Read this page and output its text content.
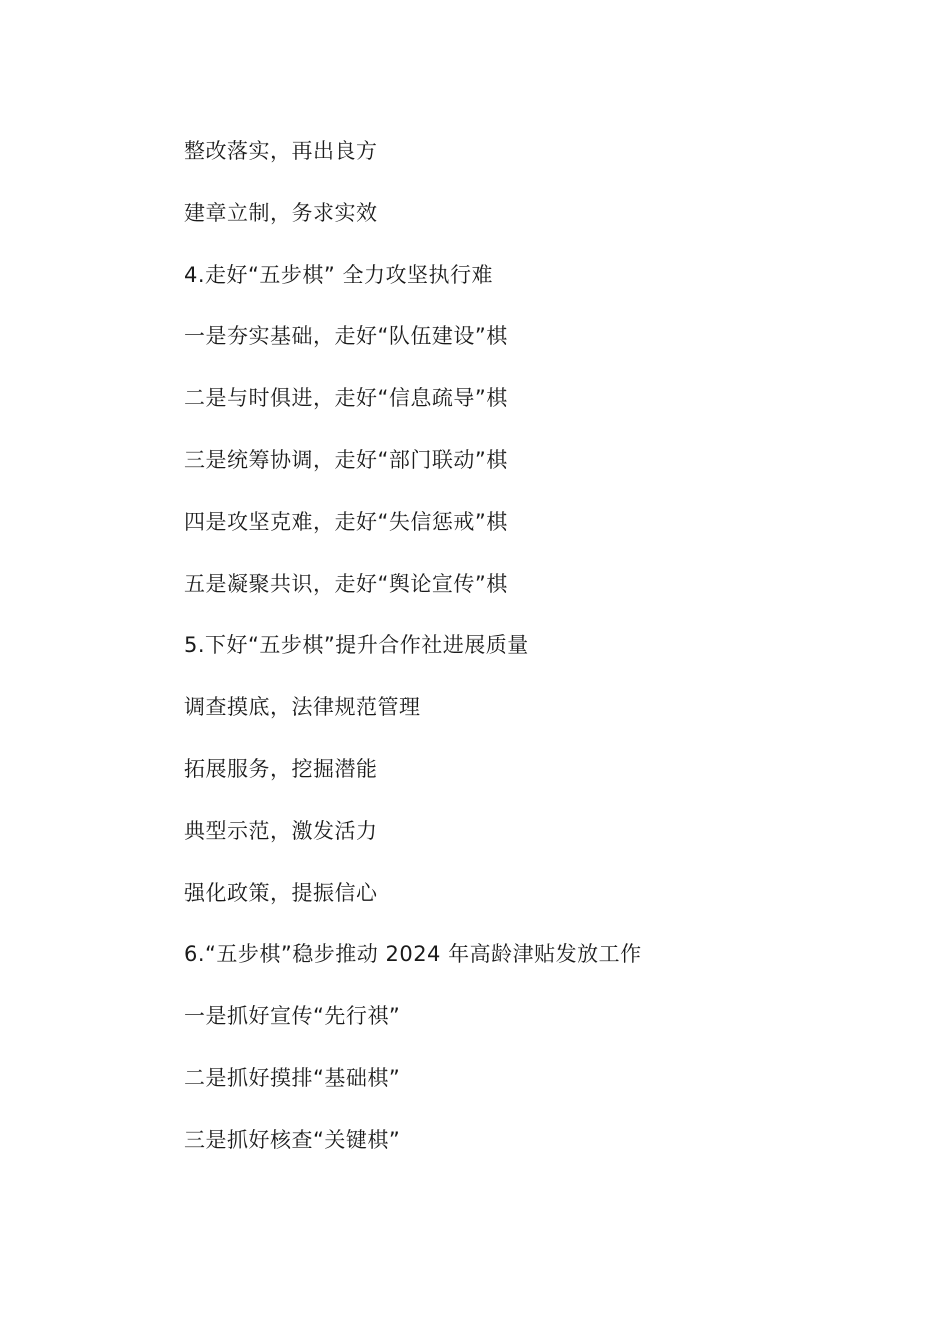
整改落实，再出良方
建章立制，务求实效
4.走好“五步棋” 全力攻坚执行难
一是夯实基础，走好“队伍建设”棋
二是与时俱进，走好“信息疏导”棋
三是统筹协调，走好“部门联动”棋
四是攻坚克难，走好“失信惩戒”棋
五是凝聚共识，走好“舆论宣传”棋
5.下好“五步棋”提升合作社进展质量
调查摸底，法律规范管理
拓展服务，挖掘潜能
典型示范，激发活力
强化政策，提振信心
6.“五步棋”稳步推动 2024 年高龄津贴发放工作
一是抓好宣传“先行祺”
二是抓好摸排“基础棋”
三是抓好核查“关键棋”
